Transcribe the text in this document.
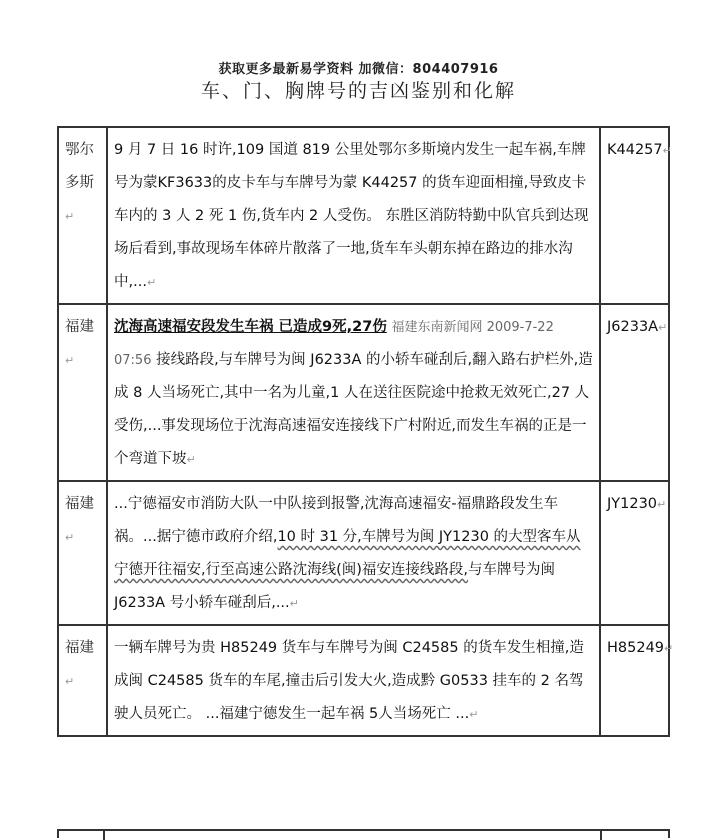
获取更多最新易学资料 加微信：804407916
车、门、胸牌号的吉凶鉴别和化解
鄂尔多斯↵	9 月 7 日 16 时许,109 国道 819 公里处鄂尔多斯境内发生一起车祸,车牌号为蒙KF3633的皮卡车与车牌号为蒙 K44257 的货车迎面相撞,导致皮卡车内的 3 人 2 死 1 伤,货车内 2 人受伤。 东胜区消防特勤中队官兵到达现场后看到,事故现场车体碎片散落了一地,货车车头朝东掉在路边的排水沟中,...↵	K44257↵
福建↵	沈海高速福安段发生车祸 已造成9死,27伤 福建东南新闻网 2009-7-22 07:56 接线路段,与车牌号为闽 J6233A 的小轿车碰刮后,翻入路右护栏外,造成 8 人当场死亡,其中一名为儿童,1 人在送往医院途中抢救无效死亡,27 人受伤,...事发现场位于沈海高速福安连接线下广村附近,而发生车祸的正是一个弯道下坡↵	J6233A↵
福建↵	...宁德福安市消防大队一中队接到报警,沈海高速福安-福鼎路段发生车祸。...据宁德市政府介绍,10 时 31 分,车牌号为闽 JY1230 的大型客车从宁德开往福安,行至高速公路沈海线(闽)福安连接线路段,与车牌号为闽 J6233A 号小轿车碰刮后,...↵	JY1230↵
福建↵	一辆车牌号为贵 H85249 货车与车牌号为闽 C24585 的货车发生相撞,造成闽 C24585 货车的车尾,撞击后引发大火,造成黔 G0533 挂车的 2 名驾驶人员死亡。 ...福建宁德发生一起车祸 5人当场死亡 ...↵	H85249↵
